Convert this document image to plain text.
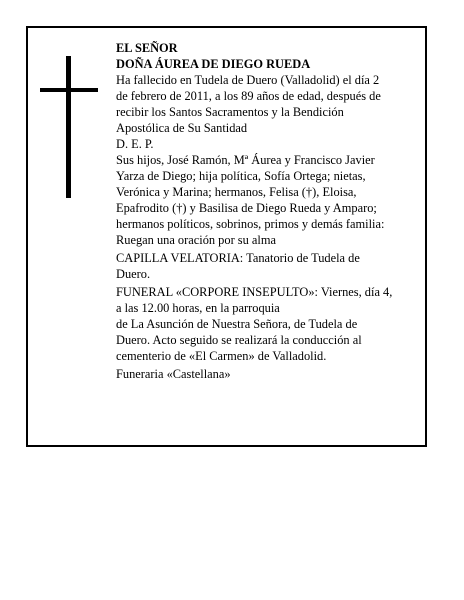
EL SEÑOR

DOÑA ÁUREA DE DIEGO RUEDA

Ha fallecido en Tudela de Duero (Valladolid) el día 2

de febrero de 2011, a los 89 años de edad, después de

recibir los Santos Sacramentos y la Bendición

Apostólica de Su Santidad

D. E. P.

Sus hijos, José Ramón, Mª Áurea y Francisco Javier

Yarza de Diego; hija política, Sofía Ortega; nietas,

Verónica y Marina; hermanos, Felisa (†), Eloisa,

Epafrodito (†) y Basilisa de Diego Rueda y Amparo;

hermanos políticos, sobrinos, primos y demás familia:

Ruegan una oración por su alma

CAPILLA VELATORIA: Tanatorio de Tudela de

Duero.

FUNERAL «CORPORE INSEPULTO»: Viernes, día 4,

a las 12.00 horas, en la parroquia

de La Asunción de Nuestra Señora, de Tudela de

Duero. Acto seguido se realizará la conducción al

cementerio de «El Carmen» de Valladolid.

Funeraria «Castellana»
